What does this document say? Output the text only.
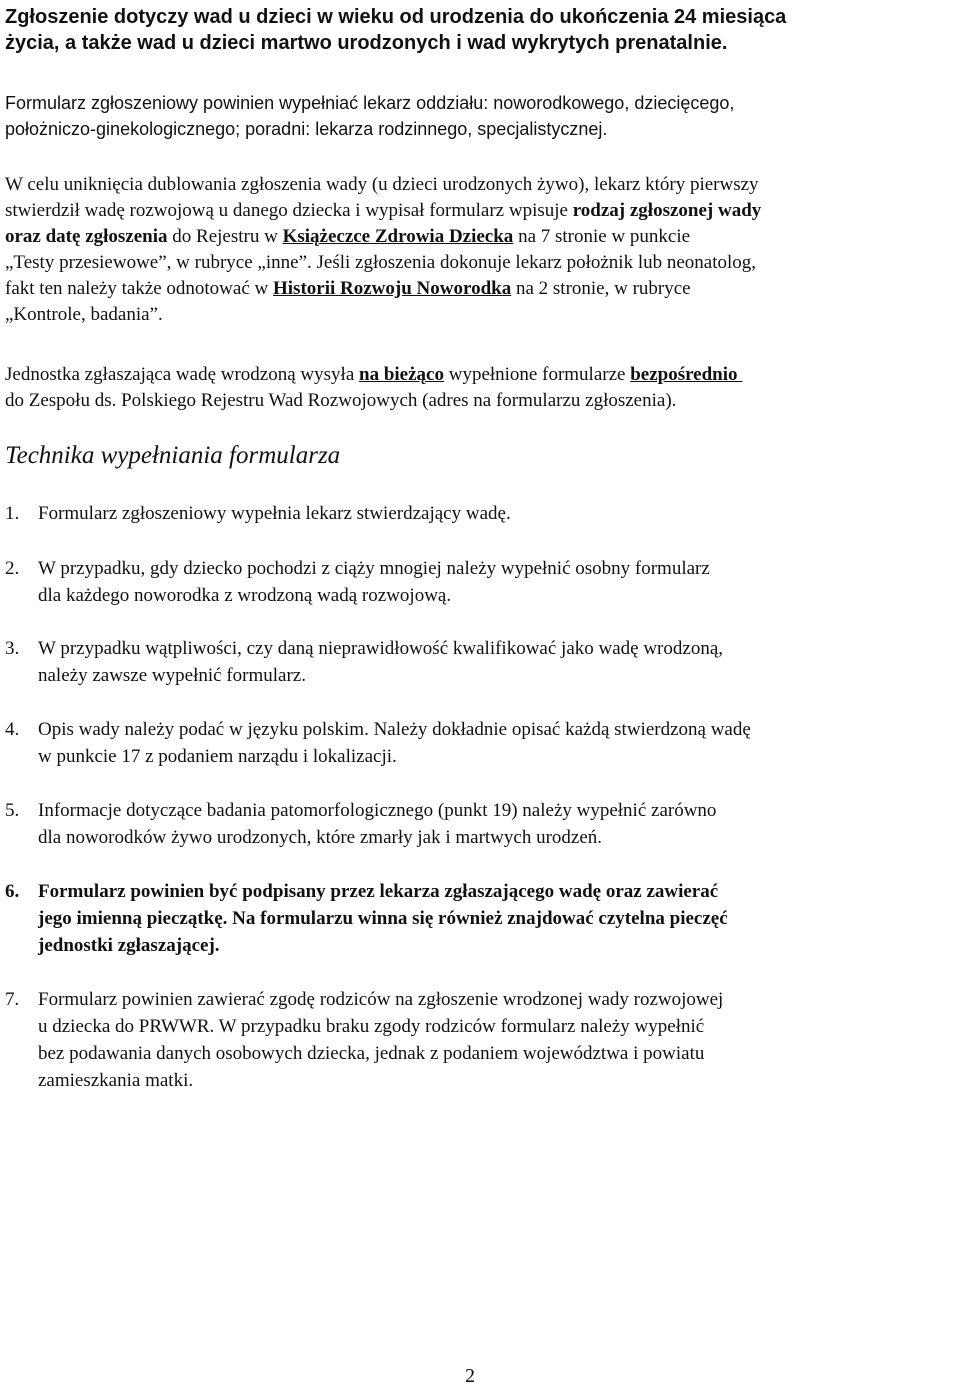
Zgłoszenie dotyczy wad u dzieci w wieku od urodzenia do ukończenia 24 miesiąca
życia, a także wad u dzieci martwo urodzonych i wad wykrytych prenatalnie.
Formularz zgłoszeniowy powinien wypełniać lekarz oddziału: noworodkowego, dziecięcego,
położniczo-ginekologicznego; poradni: lekarza rodzinnego, specjalistycznej.
W celu uniknięcia dublowania zgłoszenia wady (u dzieci urodzonych żywo), lekarz który pierwszy
stwierdził wadę rozwojową u danego dziecka i wypisał formularz wpisuje rodzaj zgłoszonej wady
oraz datę zgłoszenia do Rejestru w Książeczce Zdrowia Dziecka na 7 stronie w punkcie
„Testy przesiewowe”, w rubryce „inne”. Jeśli zgłoszenia dokonuje lekarz położnik lub neonatolog,
fakt ten należy także odnotować w Historii Rozwoju Noworodka na 2 stronie, w rubryce
„Kontrole, badania”.
Jednostka zgłaszająca wadę wrodzoną wysyła na bieżąco wypełnione formularze bezpośrednio
do Zespołu ds. Polskiego Rejestru Wad Rozwojowych (adres na formularzu zgłoszenia).
Technika wypełniania formularza
1. Formularz zgłoszeniowy wypełnia lekarz stwierdzający wadę.
2. W przypadku, gdy dziecko pochodzi z ciąży mnogiej należy wypełnić osobny formularz
dla każdego noworodka z wrodzoną wadą rozwojową.
3. W przypadku wątpliwości, czy daną nieprawidłowość kwalifikować jako wadę wrodzoną,
należy zawsze wypełnić formularz.
4. Opis wady należy podać w języku polskim. Należy dokładnie opisać każdą stwierdzoną wadę
w punkcie 17 z podaniem narządu i lokalizacji.
5. Informacje dotyczące badania patomorfologicznego (punkt 19) należy wypełnić zarówno
dla noworodków żywo urodzonych, które zmarły jak i martwych urodzeń.
6. Formularz powinien być podpisany przez lekarza zgłaszającego wadę oraz zawierać
jego imienną pieczątkę. Na formularzu winna się również znajdować czytelna pieczęć
jednostki zgłaszającej.
7. Formularz powinien zawierać zgodę rodziców na zgłoszenie wrodzonej wady rozwojowej
u dziecka do PRWWR. W przypadku braku zgody rodziców formularz należy wypełnić
bez podawania danych osobowych dziecka, jednak z podaniem województwa i powiatu
zamieszkania matki.
2
